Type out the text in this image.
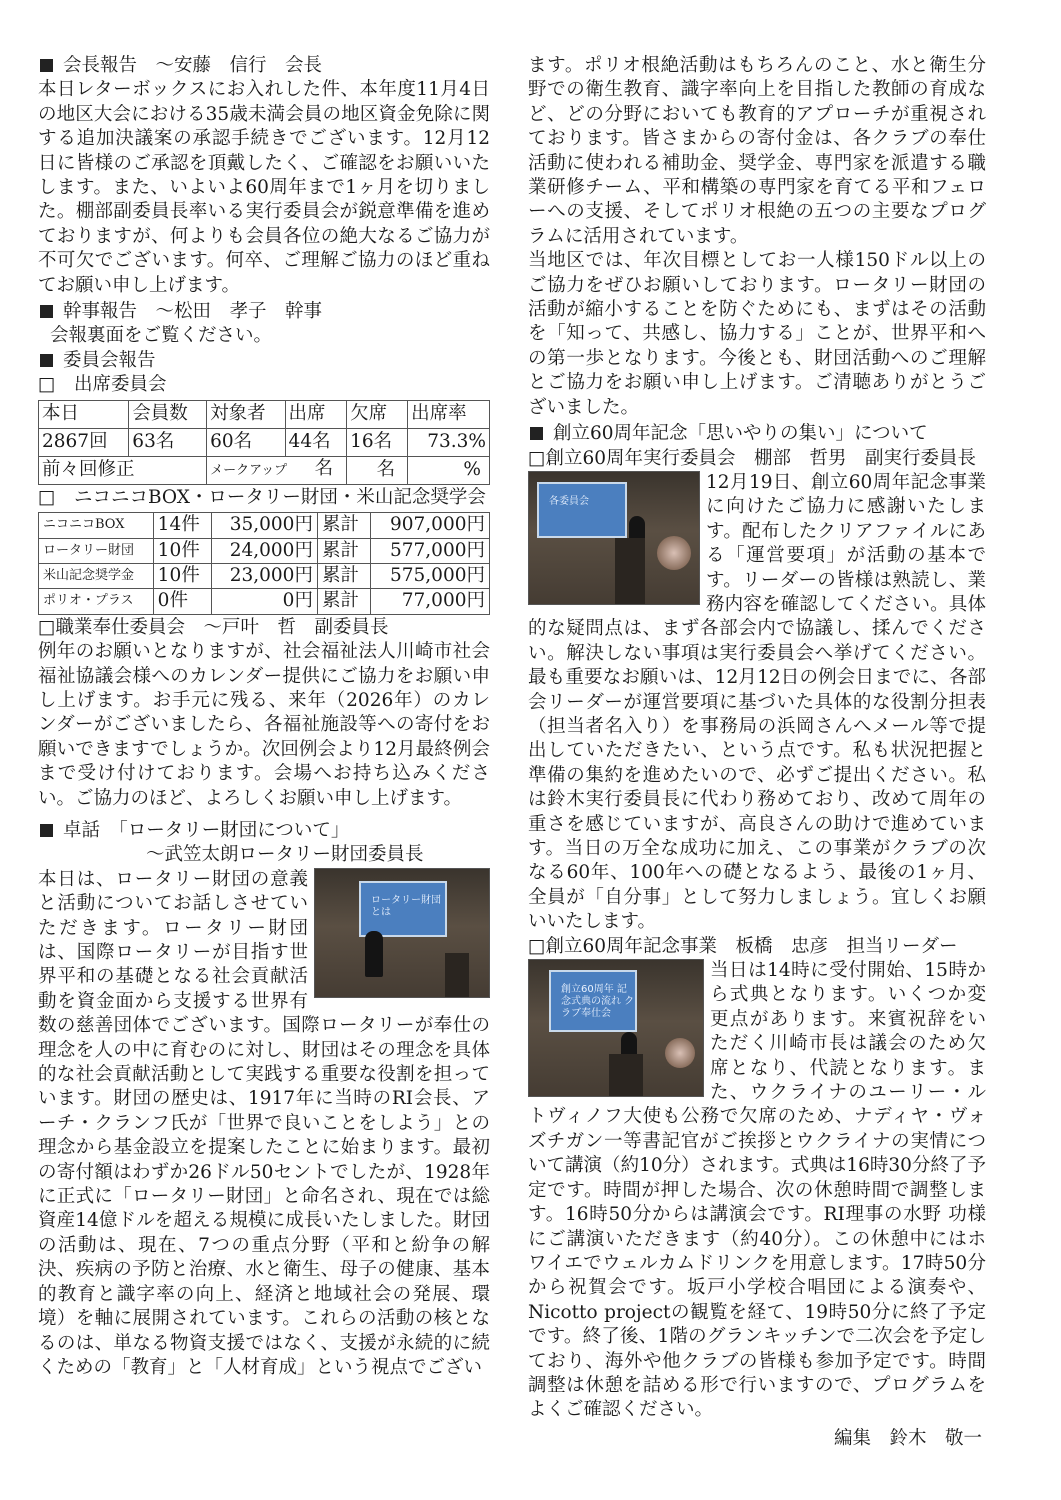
会長報告　～安藤　信行　会長
本日レターボックスにお入れした件、本年度11月4日の地区大会における35歳未満会員の地区資金免除に関する追加決議案の承認手続きでございます。12月12日に皆様のご承認を頂戴したく、ご確認をお願いいたします。また、いよいよ60周年まで1ヶ月を切りました。棚部副委員長率いる実行委員会が鋭意準備を進めておりますが、何よりも会員各位の絶大なるご協力が不可欠でございます。何卒、ご理解ご協力のほど重ねてお願い申し上げます。
幹事報告　～松田　孝子　幹事
会報裏面をご覧ください。
委員会報告
□　出席委員会
本日	会員数	対象者	出席	欠席	出席率
2867回	63名	60名	44名	16名	73.3%
前々回修正		メークアップ 名		名	%
□　ニコニコBOX・ロータリー財団・米山記念奨学会
ニコニコBOX	14件	35,000円	累計	907,000円
ロータリー財団	10件	24,000円	累計	577,000円
米山記念奨学金	10件	23,000円	累計	575,000円
ポリオ・プラス	0件	0円	累計	77,000円
□職業奉仕委員会　～戸叶　哲　副委員長
例年のお願いとなりますが、社会福祉法人川崎市社会福祉協議会様へのカレンダー提供にご協力をお願い申し上げます。お手元に残る、来年（2026年）のカレンダーがございましたら、各福祉施設等への寄付をお願いできますでしょうか。次回例会より12月最終例会まで受け付けております。会場へお持ち込みください。ご協力のほど、よろしくお願い申し上げます。
卓話　「ロータリー財団について」
～武笠太朗ロータリー財団委員長
ロータリー財団とは
本日は、ロータリー財団の意義と活動についてお話しさせていただきます。ロータリー財団は、国際ロータリーが目指す世界平和の基礎となる社会貢献活動を資金面から支援する世界有数の慈善団体でございます。国際ロータリーが奉仕の理念を人の中に育むのに対し、財団はその理念を具体的な社会貢献活動として実践する重要な役割を担っています。財団の歴史は、1917年に当時のRI会長、アーチ・クランフ氏が「世界で良いことをしよう」との理念から基金設立を提案したことに始まります。最初の寄付額はわずか26ドル50セントでしたが、1928年に正式に「ロータリー財団」と命名され、現在では総資産14億ドルを超える規模に成長いたしました。財団の活動は、現在、7つの重点分野（平和と紛争の解決、疾病の予防と治療、水と衛生、母子の健康、基本的教育と識字率の向上、経済と地域社会の発展、環境）を軸に展開されています。これらの活動の核となるのは、単なる物資支援ではなく、支援が永続的に続くための「教育」と「人材育成」という視点でござい
ます。ポリオ根絶活動はもちろんのこと、水と衛生分野での衛生教育、識字率向上を目指した教師の育成など、どの分野においても教育的アプローチが重視されております。皆さまからの寄付金は、各クラブの奉仕活動に使われる補助金、奨学金、専門家を派遣する職業研修チーム、平和構築の専門家を育てる平和フェローへの支援、そしてポリオ根絶の五つの主要なプログラムに活用されています。
当地区では、年次目標としてお一人様150ドル以上のご協力をぜひお願いしております。ロータリー財団の活動が縮小することを防ぐためにも、まずはその活動を「知って、共感し、協力する」ことが、世界平和への第一歩となります。今後とも、財団活動へのご理解とご協力をお願い申し上げます。ご清聴ありがとうございました。
創立60周年記念「思いやりの集い」について
□創立60周年実行委員会　棚部　哲男　副実行委員長
各委員会
12月19日、創立60周年記念事業に向けたご協力に感謝いたします。配布したクリアファイルにある「運営要項」が活動の基本です。リーダーの皆様は熟読し、業務内容を確認してください。具体的な疑問点は、まず各部会内で協議し、揉んでください。解決しない事項は実行委員会へ挙げてください。最も重要なお願いは、12月12日の例会日までに、各部会リーダーが運営要項に基づいた具体的な役割分担表（担当者名入り）を事務局の浜岡さんへメール等で提出していただきたい、という点です。私も状況把握と準備の集約を進めたいので、必ずご提出ください。私は鈴木実行委員長に代わり務めており、改めて周年の重さを感じていますが、高良さんの助けで進めています。当日の万全な成功に加え、この事業がクラブの次なる60年、100年への礎となるよう、最後の1ヶ月、全員が「自分事」として努力しましょう。宜しくお願いいたします。
□創立60周年記念事業　板橋　忠彦　担当リーダー
創立60周年 記念式典の流れ クラブ奉仕会
当日は14時に受付開始、15時から式典となります。いくつか変更点があります。来賓祝辞をいただく川崎市長は議会のため欠席となり、代読となります。また、ウクライナのユーリー・ルトヴィノフ大使も公務で欠席のため、ナディヤ・ヴォズチガン一等書記官がご挨拶とウクライナの実情について講演（約10分）されます。式典は16時30分終了予定です。時間が押した場合、次の休憩時間で調整します。16時50分からは講演会です。RI理事の水野 功様にご講演いただきます（約40分）。この休憩中にはホワイエでウェルカムドリンクを用意します。17時50分から祝賀会です。坂戸小学校合唱団による演奏や、Nicotto projectの観覧を経て、19時50分に終了予定です。終了後、1階のグランキッチンで二次会を予定しており、海外や他クラブの皆様も参加予定です。時間調整は休憩を詰める形で行いますので、プログラムをよくご確認ください。
編集　鈴木　敬一
